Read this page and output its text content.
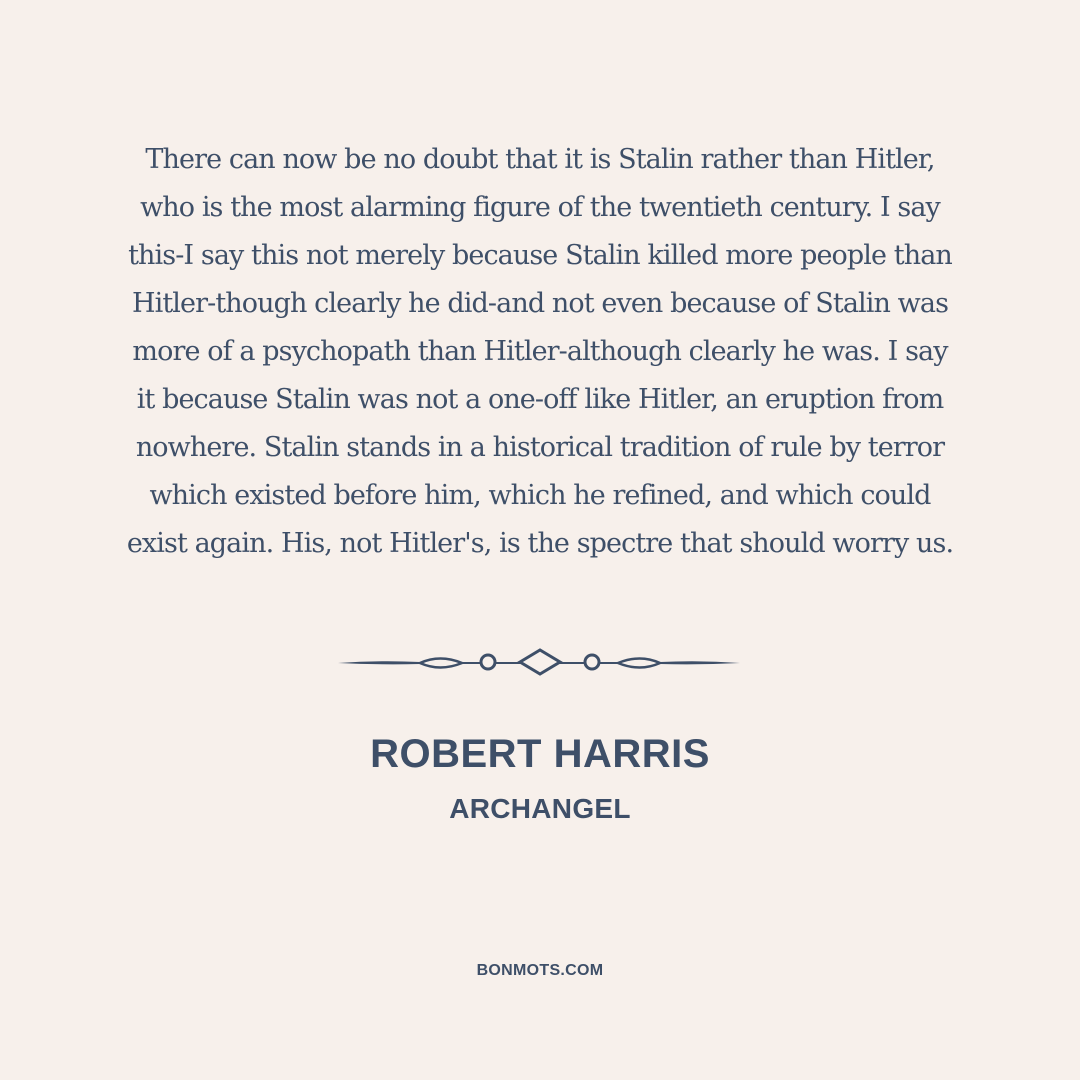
There can now be no doubt that it is Stalin rather than Hitler,
who is the most alarming figure of the twentieth century. I say
this-I say this not merely because Stalin killed more people than
Hitler-though clearly he did-and not even because of Stalin was
more of a psychopath than Hitler-although clearly he was. I say
it because Stalin was not a one-off like Hitler, an eruption from
nowhere. Stalin stands in a historical tradition of rule by terror
which existed before him, which he refined, and which could
exist again. His, not Hitler's, is the spectre that should worry us.
ROBERT HARRIS
ARCHANGEL
BONMOTS.COM
